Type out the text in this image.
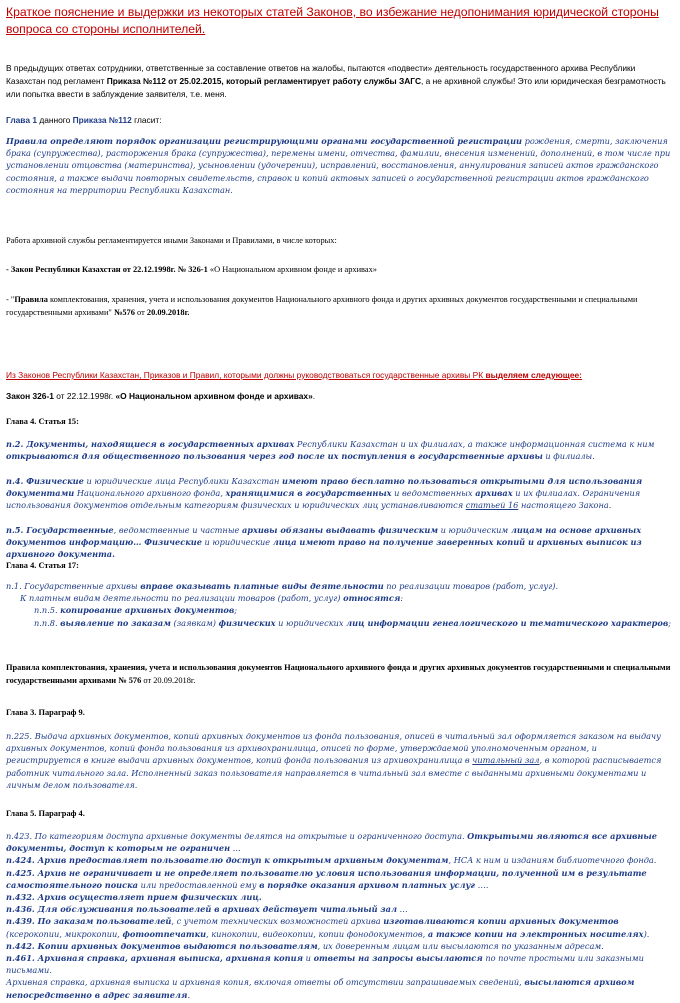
Краткое пояснение и выдержки из некоторых статей Законов, во избежание недопонимания юридической стороны вопроса со стороны исполнителей.

В предыдущих ответах сотрудники, ответственные за составление ответов на жалобы, пытаются «подвести» деятельность государственного архива Республики Казахстан под регламент Приказа №112 от 25.02.2015, который регламентирует работу службы ЗАГС, а не архивной службы! Это или юридическая безграмотность или попытка ввести в заблуждение заявителя, т.е. меня.

Глава 1 данного Приказа №112 гласит:

Правила определяют порядок организации регистрирующими органами государственной регистрации рождения, смерти, заключения брака (супружества), расторжения брака (супружества), перемены имени, отчества, фамилии, внесения изменений, дополнений, в том числе при установлении отцовства (материнства), усыновлении (удочерении), исправлений, восстановления, аннулирования записей актов гражданского состояния, а также выдачи повторных свидетельств, справок и копий актовых записей о государственной регистрации актов гражданского состояния на территории Республики Казахстан.

Работа архивной службы регламентируется иными Законами и Правилами, в числе которых:

- Закон Республики Казахстан от 22.12.1998г. № 326-1 «О Национальном архивном фонде и архивах»

- "Правила комплектования, хранения, учета и использования документов Национального архивного фонда и других архивных документов государственными и специальными государственными архивами" №576 от 20.09.2018г.

Из Законов Республики Казахстан, Приказов и Правил, которыми должны руководствоваться государственные архивы РК выделяем следующее:

Закон 326-1 от 22.12.1998г. «О Национальном архивном фонде и архивах».

Глава 4. Статья 15:

п.2. Документы, находящиеся в государственных архивах Республики Казахстан и их филиалах, а также информационная система к ним открываются для общественного пользования через год после их поступления в государственные архивы и филиалы.

п.4. Физические и юридические лица Республики Казахстан имеют право бесплатно пользоваться открытыми для использования документами Национального архивного фонда, хранящимися в государственных и ведомственных архивах и их филиалах. Ограничения использования документов отдельным категориям физических и юридических лиц устанавливаются статьей 16 настоящего Закона.

п.5. Государственные, ведомственные и частные архивы обязаны выдавать физическим и юридическим лицам на основе архивных документов информацию… Физические и юридические лица имеют право на получение заверенных копий и архивных выписок из архивного документа.

Глава 4. Статья 17:

п.1. Государственные архивы вправе оказывать платные виды деятельности по реализации товаров (работ, услуг).
К платным видам деятельности по реализации товаров (работ, услуг) относятся:
п.п.5. копирование архивных документов;
п.п.8. выявление по заказам (заявкам) физических и юридических лиц информации генеалогического и тематического характеров;

Правила комплектования, хранения, учета и использования документов Национального архивного фонда и других архивных документов государственными и специальными государственными архивами № 576 от 20.09.2018г.

Глава 3. Параграф 9.

п.225. Выдача архивных документов, копий архивных документов из фонда пользования, описей в читальный зал оформляется заказом на выдачу архивных документов, копий фонда пользования из архивохранилища, описей по форме, утверждаемой уполномоченным органом, и регистрируется в книге выдачи архивных документов, копий фонда пользования из архивохранилища в читальный зал, в которой расписывается работник читального зала. Исполненный заказ пользователя направляется в читальный зал вместе с выданными архивными документами и личным делом пользователя.

Глава 5. Параграф 4.

п.423. По категориям доступа архивные документы делятся на открытые и ограниченного доступа. Открытыми являются все архивные документы, доступ к которым не ограничен …
п.424. Архив предоставляет пользователю доступ к открытым архивным документам, НСА к ним и изданиям библиотечного фонда.
п.425. Архив не ограничивает и не определяет пользователю условия использования информации, полученной им в результате самостоятельного поиска или предоставленной ему в порядке оказания архивом платных услуг ….
п.432. Архив осуществляет прием физических лиц.
п.436. Для обслуживания пользователей в архивах действует читальный зал …
п.439. По заказам пользователей, с учетом технических возможностей архива изготавливаются копии архивных документов (ксерокопии, микрокопии, фотоотпечатки, кинокопии, видеокопии, копии фонодокументов, а также копии на электронных носителях).
п.442. Копии архивных документов выдаются пользователям, их доверенным лицам или высылаются по указанным адресам.
п.461. Архивная справка, архивная выписка, архивная копия и ответы на запросы высылаются по почте простыми или заказными письмами.
Архивная справка, архивная выписка и архивная копия, включая ответы об отсутствии запрашиваемых сведений, высылаются архивом непосредственно в адрес заявителя.
